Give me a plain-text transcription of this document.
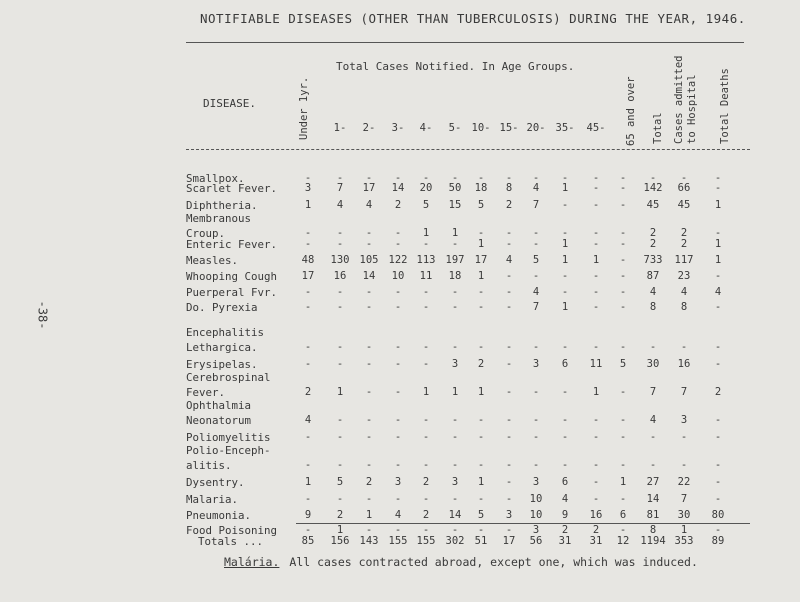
NOTIFIABLE DISEASES (OTHER THAN TUBERCULOSIS) DURING THE YEAR, 1946.
-38-
DISEASE.	Under 1yr.
Total Cases Notified. In Age Groups.
1- 2- 3- 4- 5- 10- 15- 20- 35- 45- 65 and over Total Cases admitted to Hospital Total Deaths
Smallpox.	- - - - - - - - - - - - - -	-
Scarlet Fever.	3 7 17 14 20 50 18 8 4 1 - - 142 66 -
Diphtheria.	1 4 4 2 5 15 5 2 7 - - - 45 45 1
Membranous
Croup.	- - - - 1 1 - - - - - - 2 2	-
Enteric Fever.	- - - - - - 1 - - 1 - - 2 2	1
Measles.	48 130 105 122 113 197 17 4 5 1 1 - 733 117 1
Whooping Cough 17 16 14 10 11 18 1 - - - - - 87 23 -
Puerperal Fvr.	- - - - - - - - 4 - - - 4 4	4
Do. Pyrexia	- - - - - - - - 7 1 - - 8 8	-
Encephalitis
Lethargica.	- - - - - - - - - - - - - -	-
Erysipelas.	- - - - - 3 2 - 3 6 11 5 30 16 -
Cerebrospinal
Fever.	2 1 - - 1 1 1 - - - 1 - 7 7	2
Ophthalmia
Neonatorum	4 - - - - - - - - - - - 4 3	-
Poliomyelitis	- - - - - - - - - - - - - -	-
Polio-Enceph-
alitis.	- - - - - - - - - - - - - -	-
Dysentry.	1 5 2 3 2 3 1 - 3 6 - 1 27 22 -
Malaria.	- - - - - - - - 10 4 - - 14 7	-
Pneumonia.	9 2 1 4 2 14 5 3 10 9 16 6 81 30 80
Food Poisoning	- 1 - - - - - - 3 2 2 - 8 1	-
Totals ...	85 156 143 155 155 302 51 17 56 31 31 12 1194 353 89
Malária. All cases contracted abroad, except one, which was induced.
